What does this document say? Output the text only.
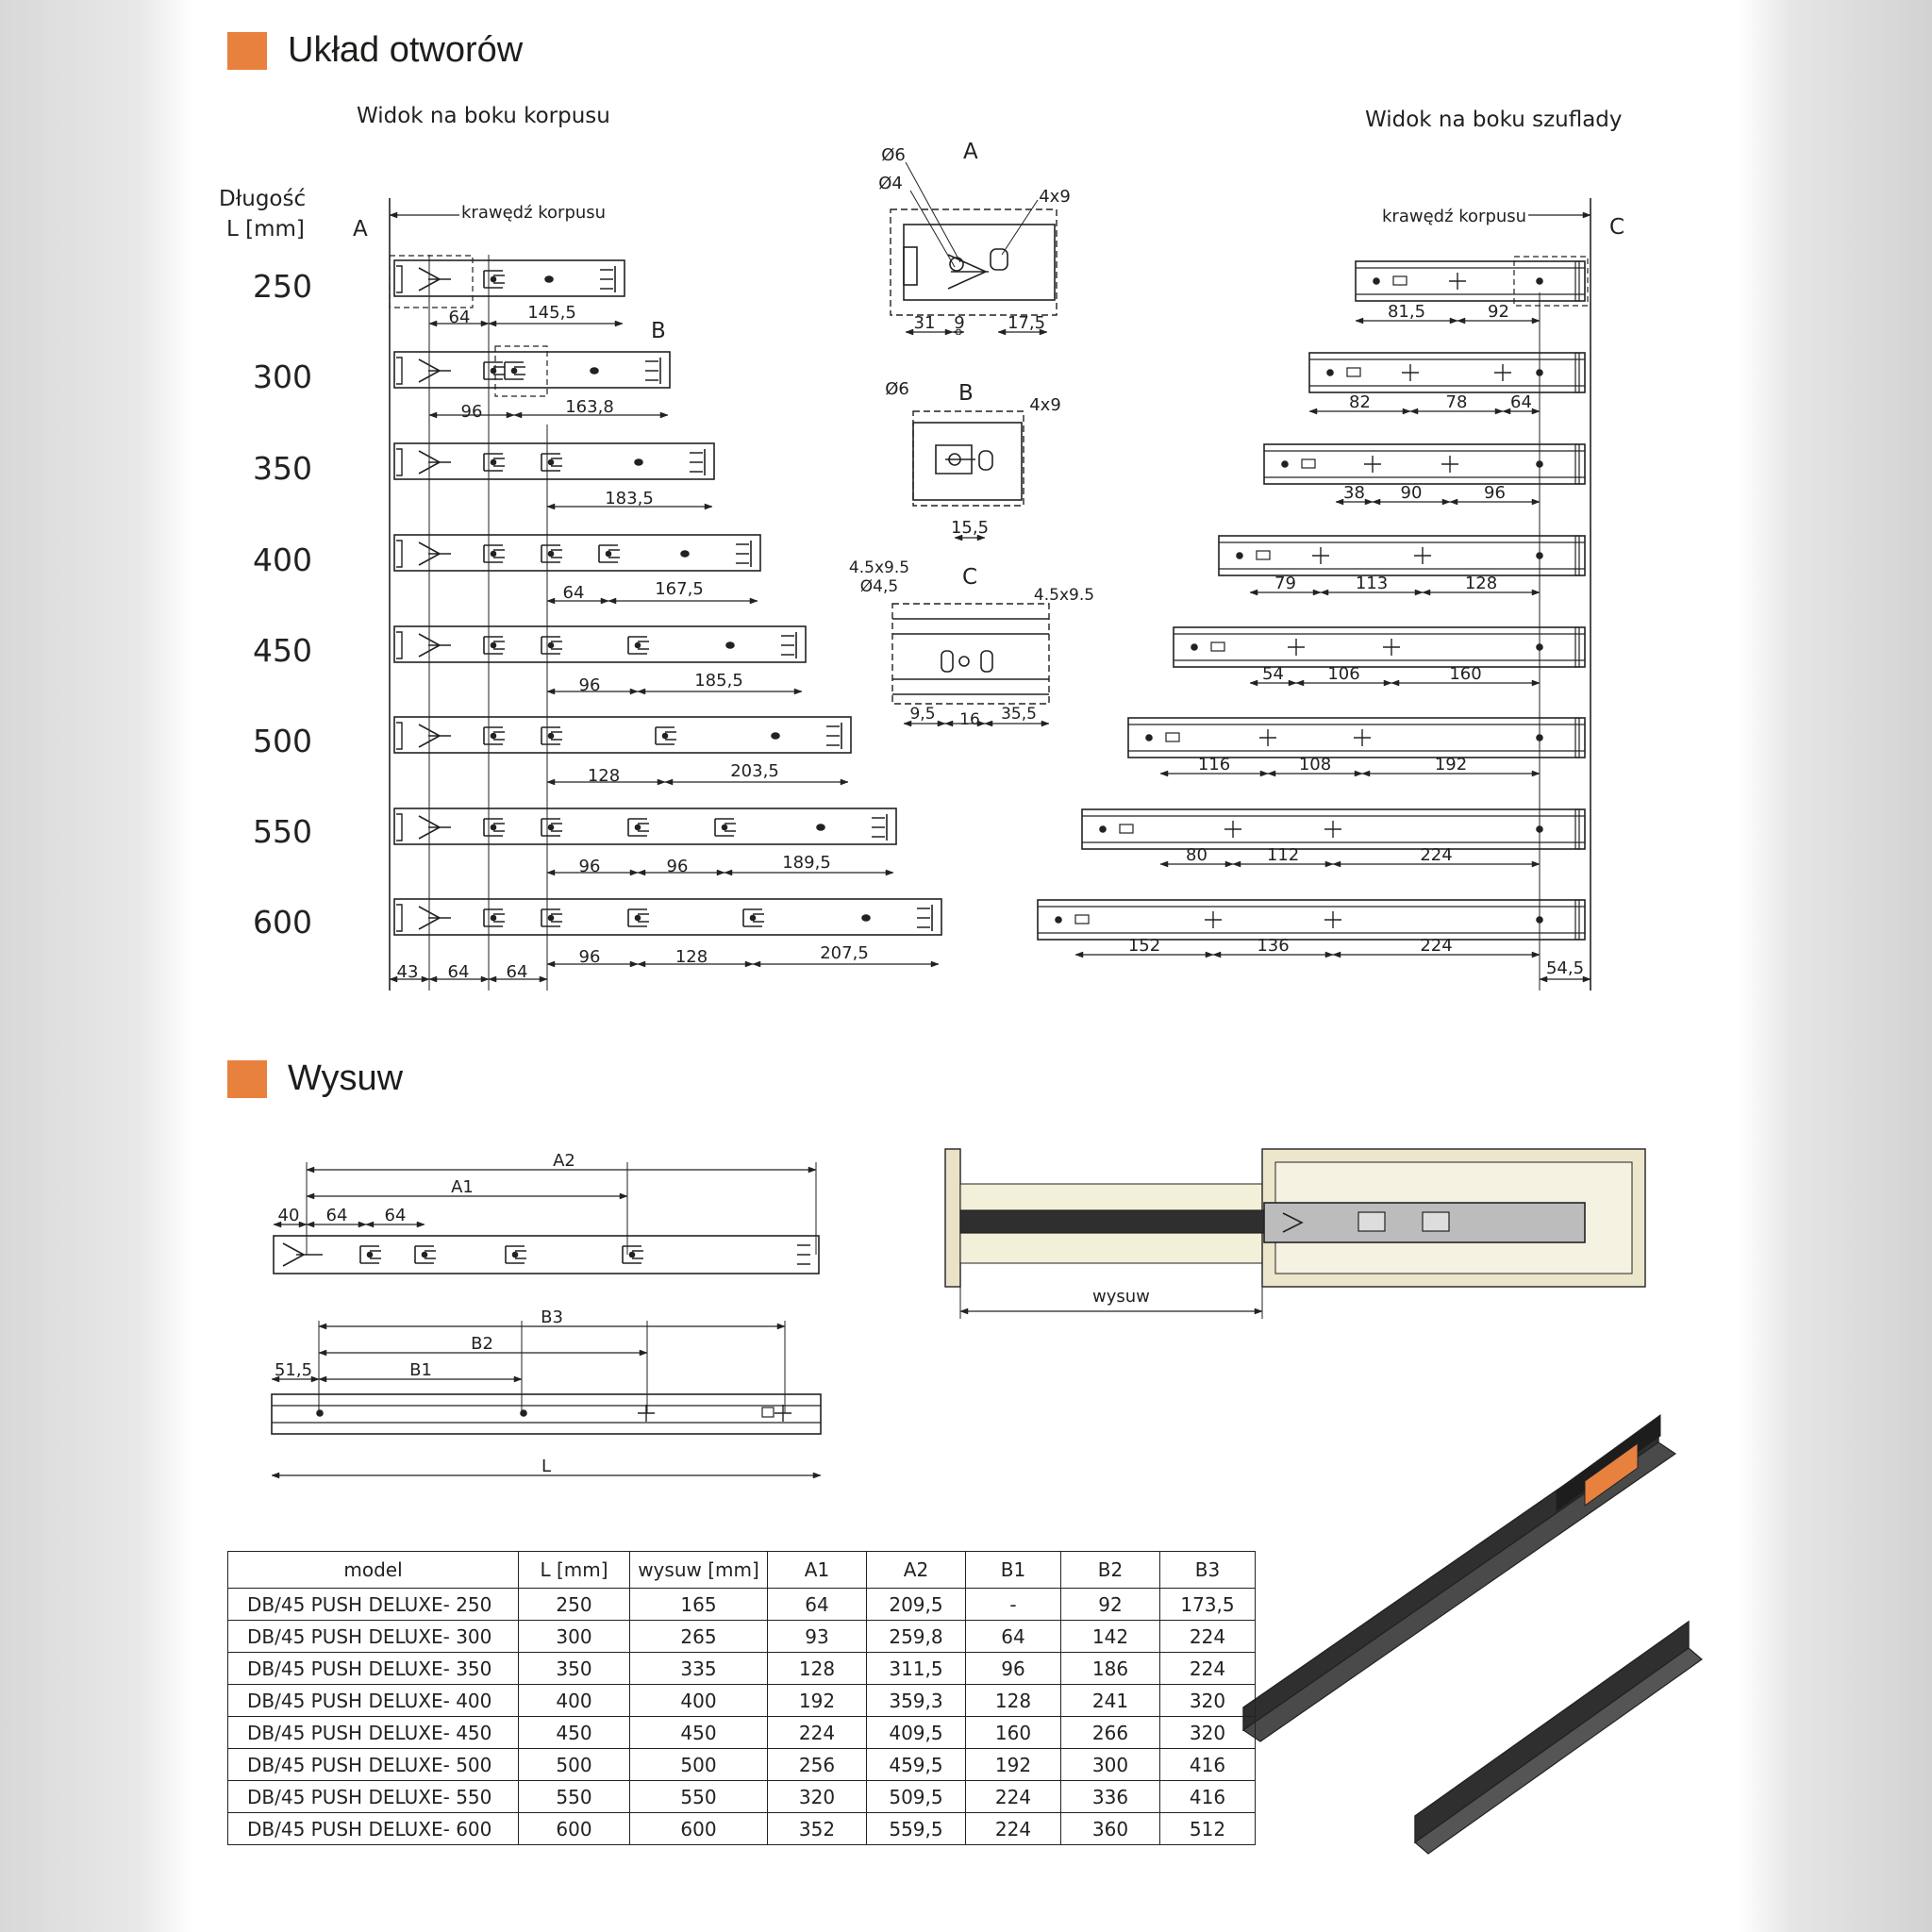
Układ otworów
Widok na boku korpusu	Widok na boku szuflady
Długość
L [mm]
250
300
350
400
450
500
550
600
64	145,5
96	163,8
183,5
64	167,5
96	185,5
128	203,5
96	96	189,5
96	128	207,5
43 64 64
81,5	92
82	78	64
38 90	96
79	113	128
54	106	160
116	108	192
80	112	224
152	136	224
54,5
Ø6
Ø4
4x9
31 9	17,5
Ø6
4x9
15,5
4.5x9.5
Ø4,5	4.5x9.5
9,5 16 35,5
A2
A1
40 64 64
B3
B2
51,5	B1
L
krawędź korpusu	krawędź korpusu
A
B
C
A
B
C
Wysuw
wysuw
model	L [mm]	wysuw [mm]	A1	A2	B1	B2	B3
DB/45 PUSH DELUXE- 250	250	165	64	209,5	-	92	173,5
DB/45 PUSH DELUXE- 300	300	265	93	259,8	64	142	224
DB/45 PUSH DELUXE- 350	350	335	128	311,5	96	186	224
DB/45 PUSH DELUXE- 400	400	400	192	359,3	128	241	320
DB/45 PUSH DELUXE- 450	450	450	224	409,5	160	266	320
DB/45 PUSH DELUXE- 500	500	500	256	459,5	192	300	416
DB/45 PUSH DELUXE- 550	550	550	320	509,5	224	336	416
DB/45 PUSH DELUXE- 600	600	600	352	559,5	224	360	512
